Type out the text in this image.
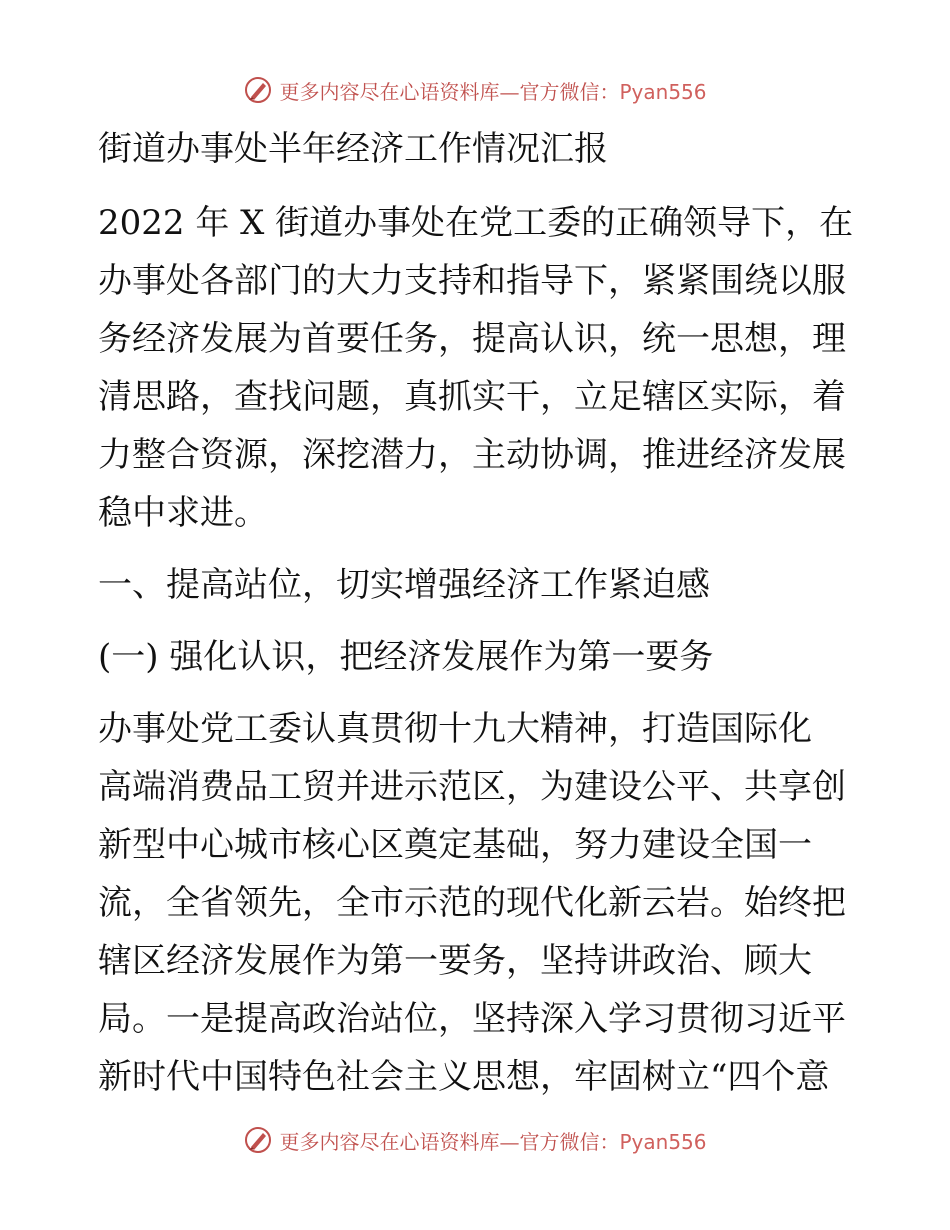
更多内容尽在心语资料库—官方微信：Pyan556
街道办事处半年经济工作情况汇报
2022 年 X 街道办事处在党工委的正确领导下，在
办事处各部门的大力支持和指导下，紧紧围绕以服
务经济发展为首要任务，提高认识，统一思想，理
清思路，查找问题，真抓实干，立足辖区实际，着
力整合资源，深挖潜力，主动协调，推进经济发展
稳中求进。
一、提高站位，切实增强经济工作紧迫感
(一) 强化认识，把经济发展作为第一要务
办事处党工委认真贯彻十九大精神，打造国际化
高端消费品工贸并进示范区，为建设公平、共享创
新型中心城市核心区奠定基础，努力建设全国一
流，全省领先，全市示范的现代化新云岩。始终把
辖区经济发展作为第一要务，坚持讲政治、顾大
局。一是提高政治站位，坚持深入学习贯彻习近平
新时代中国特色社会主义思想，牢固树立“四个意
更多内容尽在心语资料库—官方微信：Pyan556
